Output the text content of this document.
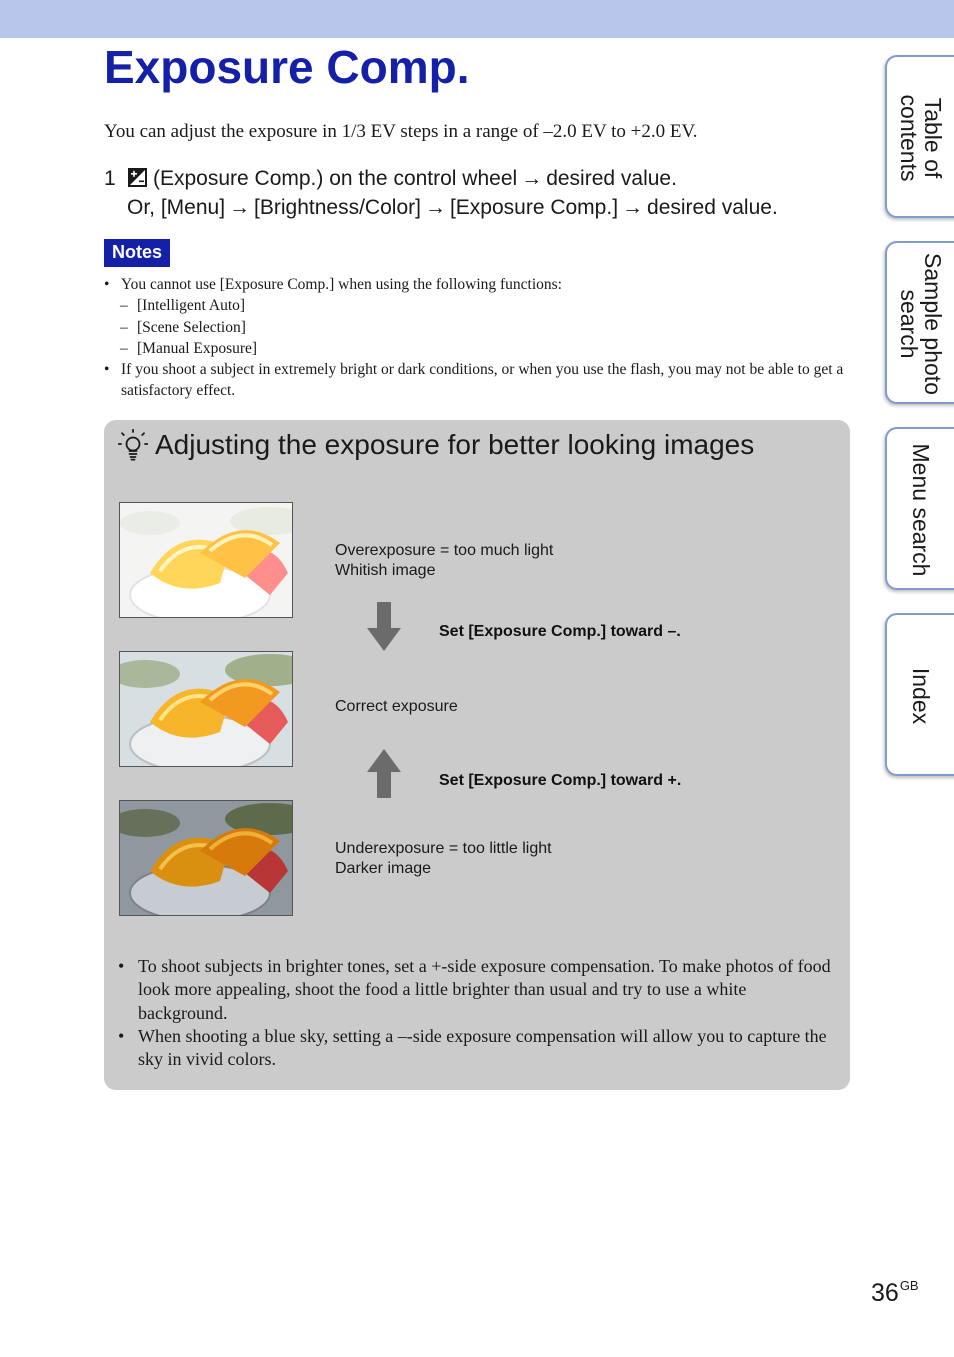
Exposure Comp.
You can adjust the exposure in 1/3 EV steps in a range of –2.0 EV to +2.0 EV.
1	(Exposure Comp.) on the control wheel → desired value.
Or, [Menu] → [Brightness/Color] → [Exposure Comp.] → desired value.
Notes
• You cannot use [Exposure Comp.] when using the following functions:
– [Intelligent Auto]
– [Scene Selection]
– [Manual Exposure]
• If you shoot a subject in extremely bright or dark conditions, or when you use the flash, you may not be able to get a satisfactory effect.
Adjusting the exposure for better looking images
Overexposure = too much light
Whitish image
Set [Exposure Comp.] toward –.
Correct exposure
Set [Exposure Comp.] toward +.
Underexposure = too little light
Darker image
• To shoot subjects in brighter tones, set a +-side exposure compensation. To make photos of food look more appealing, shoot the food a little brighter than usual and try to use a white background.
• When shooting a blue sky, setting a –-side exposure compensation will allow you to capture the sky in vivid colors.
Table of
contents
Sample photo
search
Menu search
Index
$36^{GB}$
